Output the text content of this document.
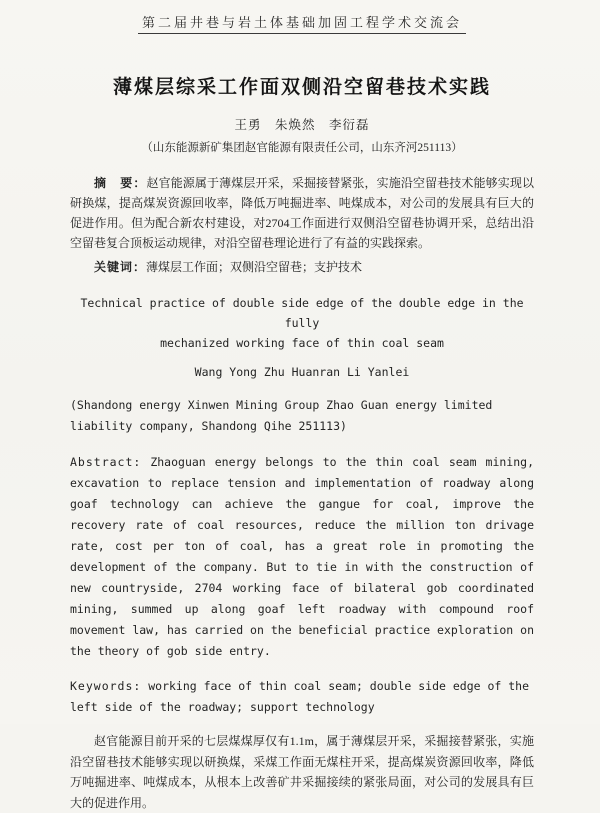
第二届井巷与岩土体基础加固工程学术交流会
薄煤层综采工作面双侧沿空留巷技术实践
王勇　朱焕然　李衍磊
（山东能源新矿集团赵官能源有限责任公司，山东齐河251113）

摘　要：赵官能源属于薄煤层开采，采掘接替紧张，实施沿空留巷技术能够实现以研换煤，提高煤炭资源回收率，降低万吨掘进率、吨煤成本，对公司的发展具有巨大的促进作用。但为配合新农村建设，对2704工作面进行双侧沿空留巷协调开采，总结出沿空留巷复合顶板运动规律，对沿空留巷理论进行了有益的实践探索。

关键词：薄煤层工作面；双侧沿空留巷；支护技术

Technical practice of double side edge of the double edge in the fully
mechanized working face of thin coal seam
Wang Yong Zhu Huanran Li Yanlei

(Shandong energy Xinwen Mining Group Zhao Guan energy limited liability company, Shandong Qihe 251113)

Abstract: Zhaoguan energy belongs to the thin coal seam mining, excavation to replace tension and implementation of roadway along goaf technology can achieve the gangue for coal, improve the recovery rate of coal resources, reduce the million ton drivage rate, cost per ton of coal, has a great role in promoting the development of the company. But to tie in with the construction of new countryside, 2704 working face of bilateral gob coordinated mining, summed up along goaf left roadway with compound roof movement law, has carried on the beneficial practice exploration on the theory of gob side entry.

Keywords: working face of thin coal seam; double side edge of the left side of the roadway; support technology

赵官能源目前开采的七层煤煤厚仅有1.1m，属于薄煤层开采，采掘接替紧张，实施沿空留巷技术能够实现以研换煤，采煤工作面无煤柱开采，提高煤炭资源回收率，降低万吨掘进率、吨煤成本，从根本上改善矿井采掘接续的紧张局面，对公司的发展具有巨大的促进作用。
